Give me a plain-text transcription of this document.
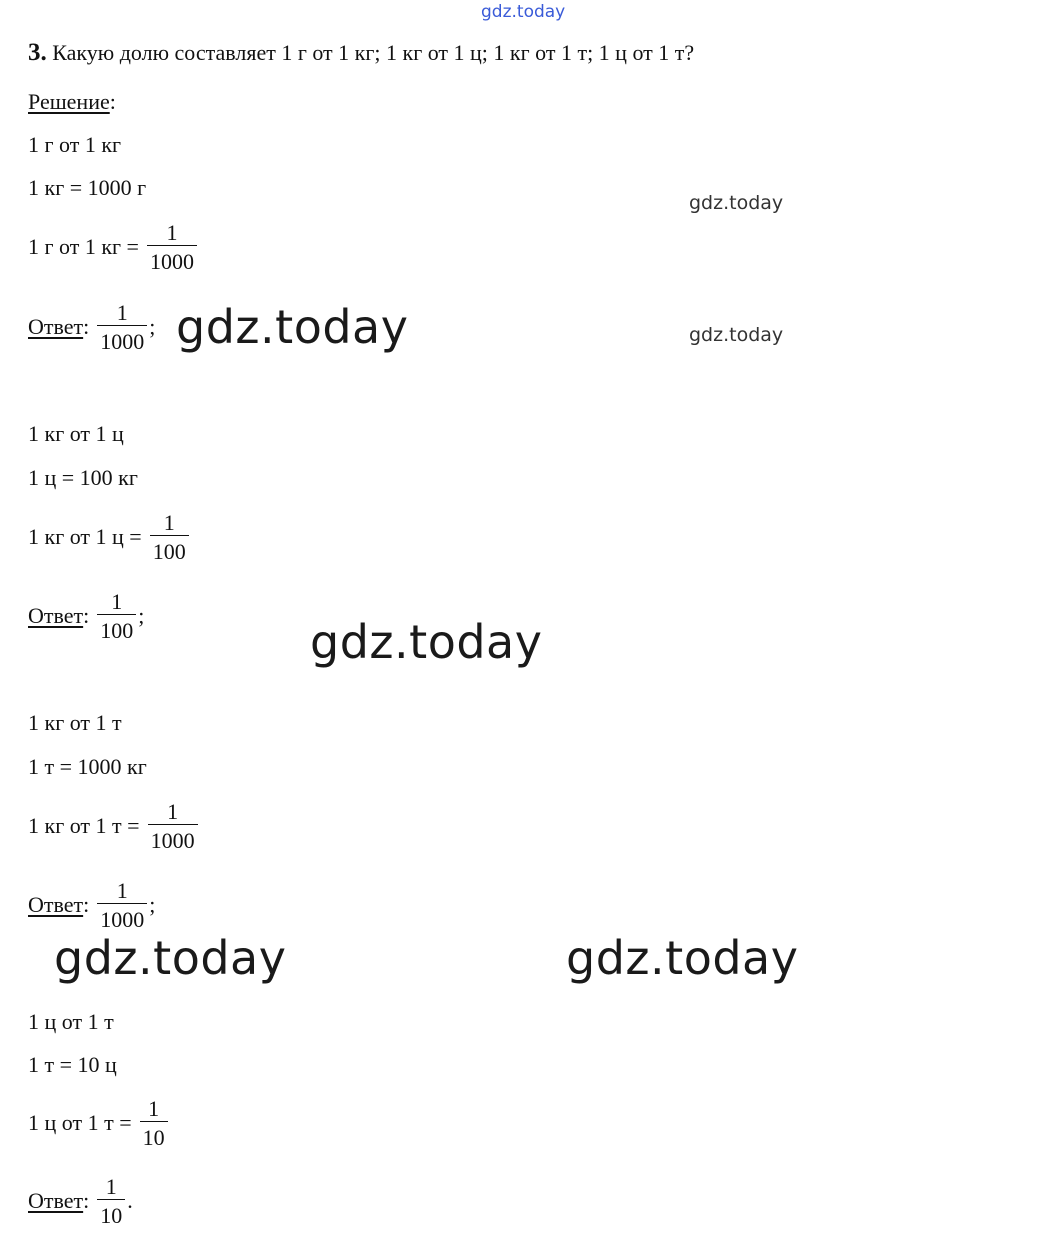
gdz.today
3. Какую долю составляет 1 г от 1 кг; 1 кг от 1 ц; 1 кг от 1 т; 1 ц от 1 т?
Решение:
1 г от 1 кг
1 кг = 1000 г
1 г от 1 кг = $\frac{1}{1000}$
Ответ: $\frac{1}{1000}$ ;
1 кг от 1 ц
1 ц = 100 кг
1 кг от 1 $ц = \frac{1}{100}$
Ответ: $\frac{1}{100}$ ;
1 кг от 1 т
1 т = 1000 кг
1 кг от 1 $т = \frac{1}{1000}$
Ответ: $\frac{1}{1000}$ ;
1 ц от 1 т
1 т = 10 ц
1 ц от 1 $т = \frac{1}{10}$
Ответ: $\frac{1}{10}$ .
gdz.today
gdz.today
gdz.today
gdz.today
gdz.today	gdz.today
